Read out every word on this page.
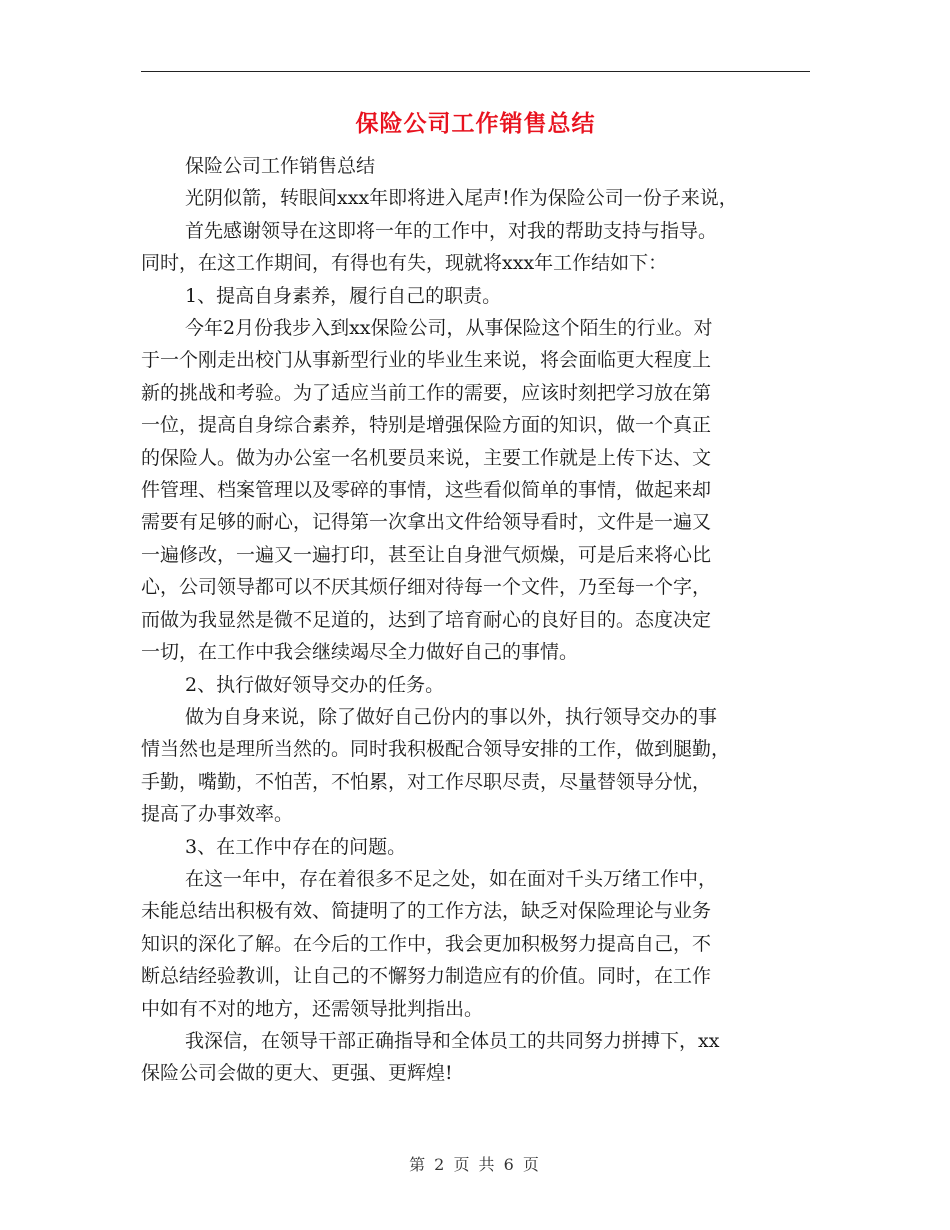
保险公司工作销售总结

保险公司工作销售总结

光阴似箭，转眼间xxx年即将进入尾声!作为保险公司一份子来说，

首先感谢领导在这即将一年的工作中，对我的帮助支持与指导。

同时，在这工作期间，有得也有失，现就将xxx年工作结如下：

1、提高自身素养，履行自己的职责。

今年2月份我步入到xx保险公司，从事保险这个陌生的行业。对

于一个刚走出校门从事新型行业的毕业生来说，将会面临更大程度上

新的挑战和考验。为了适应当前工作的需要，应该时刻把学习放在第

一位，提高自身综合素养，特别是增强保险方面的知识，做一个真正

的保险人。做为办公室一名机要员来说，主要工作就是上传下达、文

件管理、档案管理以及零碎的事情，这些看似简单的事情，做起来却

需要有足够的耐心，记得第一次拿出文件给领导看时，文件是一遍又

一遍修改，一遍又一遍打印，甚至让自身泄气烦燥，可是后来将心比

心，公司领导都可以不厌其烦仔细对待每一个文件，乃至每一个字，

而做为我显然是微不足道的，达到了培育耐心的良好目的。态度决定

一切，在工作中我会继续竭尽全力做好自己的事情。

2、执行做好领导交办的任务。

做为自身来说，除了做好自己份内的事以外，执行领导交办的事

情当然也是理所当然的。同时我积极配合领导安排的工作，做到腿勤，

手勤，嘴勤，不怕苦，不怕累，对工作尽职尽责，尽量替领导分忧，

提高了办事效率。

3、在工作中存在的问题。

在这一年中，存在着很多不足之处，如在面对千头万绪工作中，

未能总结出积极有效、简捷明了的工作方法，缺乏对保险理论与业务

知识的深化了解。在今后的工作中，我会更加积极努力提高自己，不

断总结经验教训，让自己的不懈努力制造应有的价值。同时，在工作

中如有不对的地方，还需领导批判指出。

我深信，在领导干部正确指导和全体员工的共同努力拼搏下，xx

保险公司会做的更大、更强、更辉煌!

第 2 页 共 6 页
